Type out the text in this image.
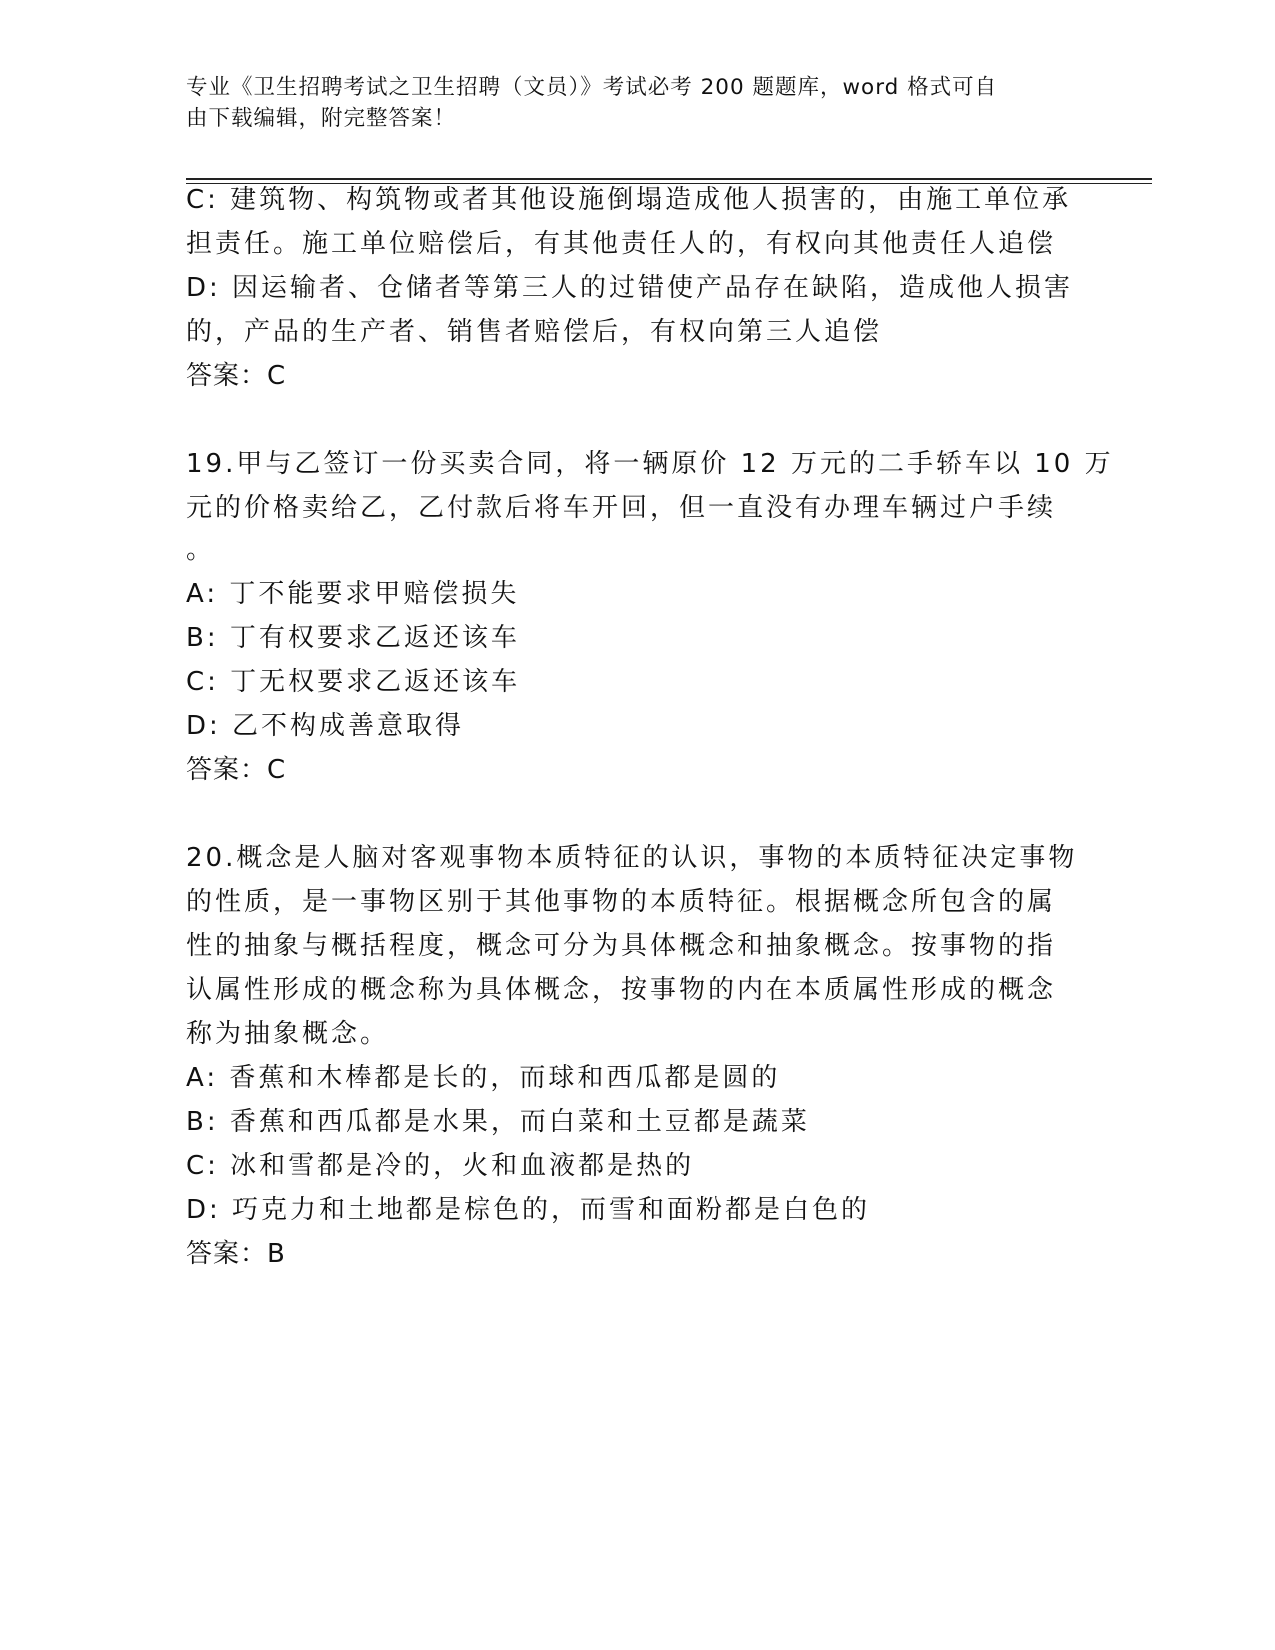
专业《卫生招聘考试之卫生招聘（文员）》考试必考 200 题题库，word 格式可自
由下载编辑，附完整答案！
C: 建筑物、构筑物或者其他设施倒塌造成他人损害的，由施工单位承
担责任。施工单位赔偿后，有其他责任人的，有权向其他责任人追偿
D: 因运输者、仓储者等第三人的过错使产品存在缺陷，造成他人损害
的，产品的生产者、销售者赔偿后，有权向第三人追偿
答案：C
19.甲与乙签订一份买卖合同，将一辆原价 12 万元的二手轿车以 10 万
元的价格卖给乙，乙付款后将车开回，但一直没有办理车辆过户手续
。
A: 丁不能要求甲赔偿损失
B: 丁有权要求乙返还该车
C: 丁无权要求乙返还该车
D: 乙不构成善意取得
答案：C
20.概念是人脑对客观事物本质特征的认识，事物的本质特征决定事物
的性质，是一事物区别于其他事物的本质特征。根据概念所包含的属
性的抽象与概括程度，概念可分为具体概念和抽象概念。按事物的指
认属性形成的概念称为具体概念，按事物的内在本质属性形成的概念
称为抽象概念。
A: 香蕉和木棒都是长的，而球和西瓜都是圆的
B: 香蕉和西瓜都是水果，而白菜和土豆都是蔬菜
C: 冰和雪都是冷的，火和血液都是热的
D: 巧克力和土地都是棕色的，而雪和面粉都是白色的
答案：B
